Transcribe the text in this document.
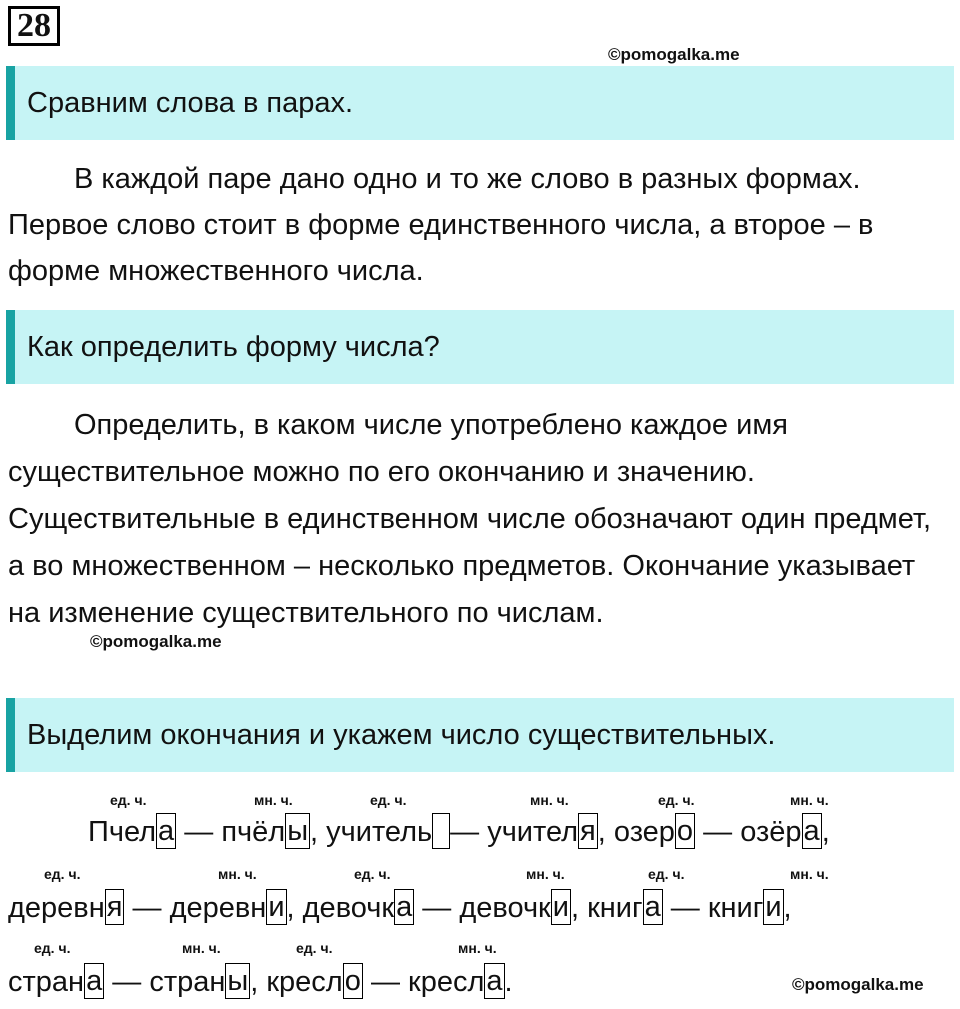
28
©pomogalka.me
Сравним слова в парах.
В каждой паре дано одно и то же слово в разных формах. Первое слово стоит в форме единственного числа, а второе – в форме множественного числа.
Как определить форму числа?
Определить, в каком числе употреблено каждое имя существительное можно по его окончанию и значению. Существительные в единственном числе обозначают один предмет, а во множественном – несколько предметов. Окончание указывает на изменение существительного по числам.
©pomogalka.me
Выделим окончания и укажем число существительных.
ед. ч.	мн. ч.	ед. ч.	мн. ч.	ед. ч.	мн. ч.
Пчела — пчёлы, учитель — учителя, озеро — озёра,
ед. ч.	мн. ч.	ед. ч.	мн. ч.	ед. ч.	мн. ч.
деревня — деревни, девочка — девочки, книга — книги,
ед. ч.	мн. ч.	ед. ч.	мн. ч.
страна — страны, кресло — кресла.	©pomogalka.me
